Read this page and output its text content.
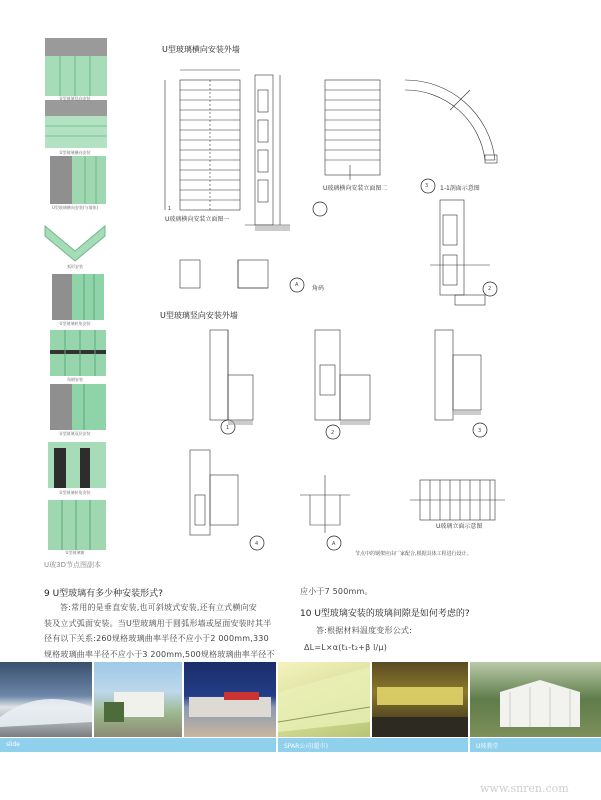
U型玻璃竖向安装
U型玻璃横向安装
U型玻璃横向安装(与墙体)
弧形安装
U型玻璃转角安装
角钢安装
U型玻璃双层安装
U型玻璃转角安装
U型玻璃窗
U玻3D节点图副本
U型玻璃横向安装外墙
1
3
2
A
1
2	3
4	A
U玻璃横向安装立面图一
U玻璃横向安装立面图二	1-1剖面示意图
角码
U型玻璃竖向安装外墙
U玻璃立面示意图
节点中的钢架应由厂家配合,根据具体工程进行设计。
9 U型玻璃有多少种安装形式?
答:常用的是垂直安装,也可斜坡式安装,还有立式横向安
装及立式弧面安装。当U型玻璃用于圆弧形墙或屋面安装时其半
径有以下关系:260规格玻璃曲率半径不应小于2 000mm,330
规格玻璃曲率半径不应小于3 200mm,500规格玻璃曲率半径不
应小于7 500mm。
10 U型玻璃安装的玻璃间隙是如何考虑的?
答:根据材料温度变形公式:
ΔL=L×α(t₁-t₂+β l/μ)
slide	SPAR公司(超市)	U玻教堂
www.snren.com
